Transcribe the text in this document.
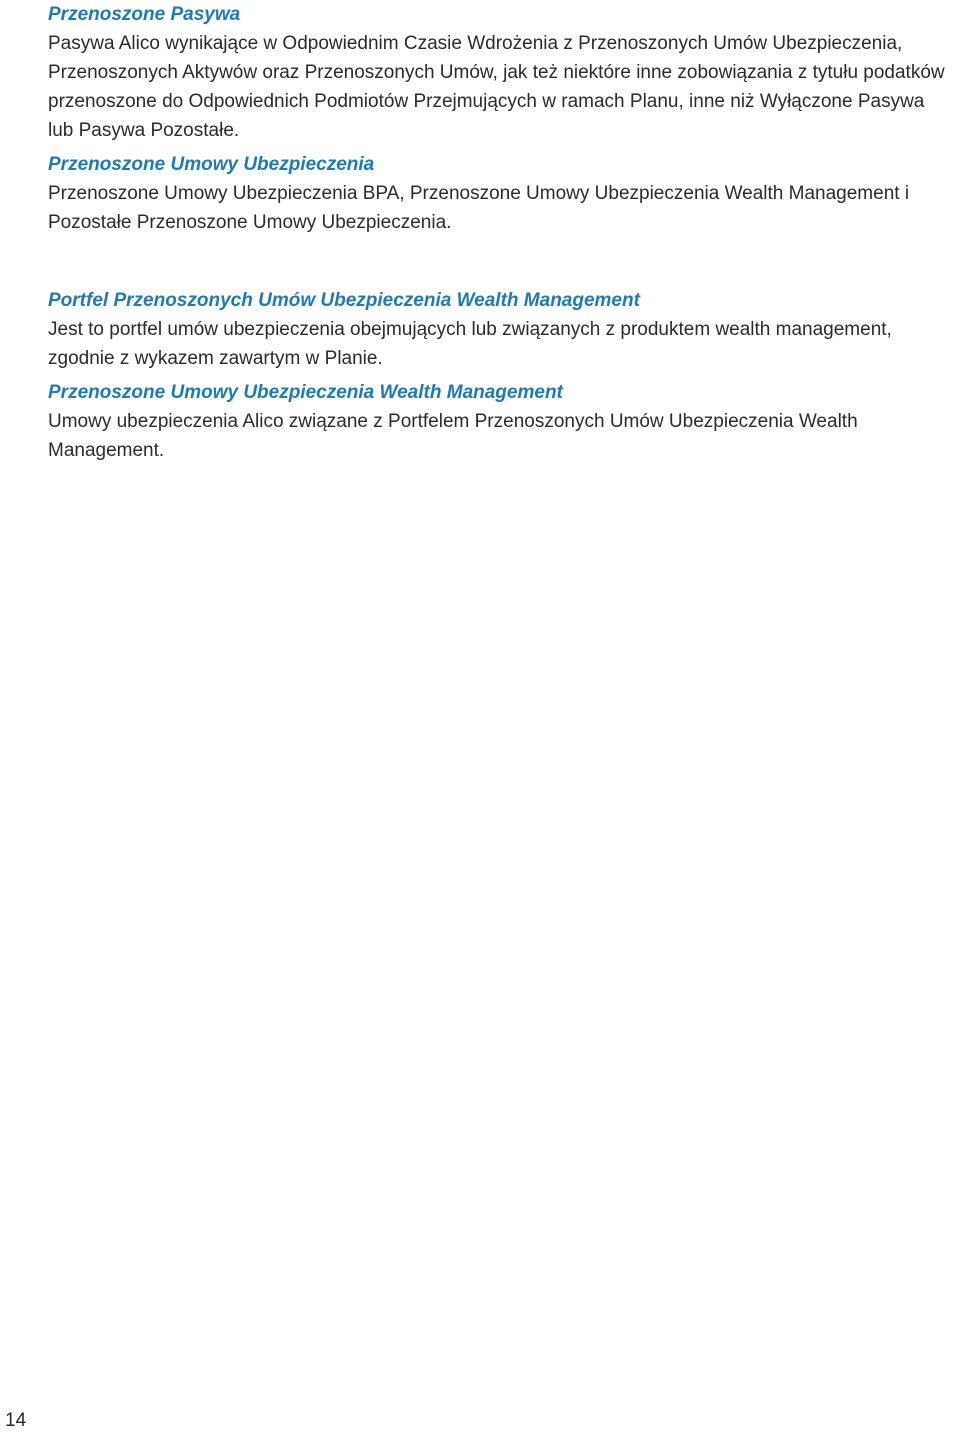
Przenoszone Pasywa

Pasywa Alico wynikające w Odpowiednim Czasie Wdrożenia z Przenoszonych Umów Ubezpieczenia, Przenoszonych Aktywów oraz Przenoszonych Umów, jak też niektóre inne zobowiązania z tytułu podatków przenoszone do Odpowiednich Podmiotów Przejmujących w ramach Planu, inne niż Wyłączone Pasywa lub Pasywa Pozostałe.

Przenoszone Umowy Ubezpieczenia

Przenoszone Umowy Ubezpieczenia BPA, Przenoszone Umowy Ubezpieczenia Wealth Management i Pozostałe Przenoszone Umowy Ubezpieczenia.

Portfel Przenoszonych Umów Ubezpieczenia Wealth Management

Jest to portfel umów ubezpieczenia obejmujących lub związanych z produktem wealth management, zgodnie z wykazem zawartym w Planie.

Przenoszone Umowy Ubezpieczenia Wealth Management

Umowy ubezpieczenia Alico związane z Portfelem Przenoszonych Umów Ubezpieczenia Wealth Management.

14
